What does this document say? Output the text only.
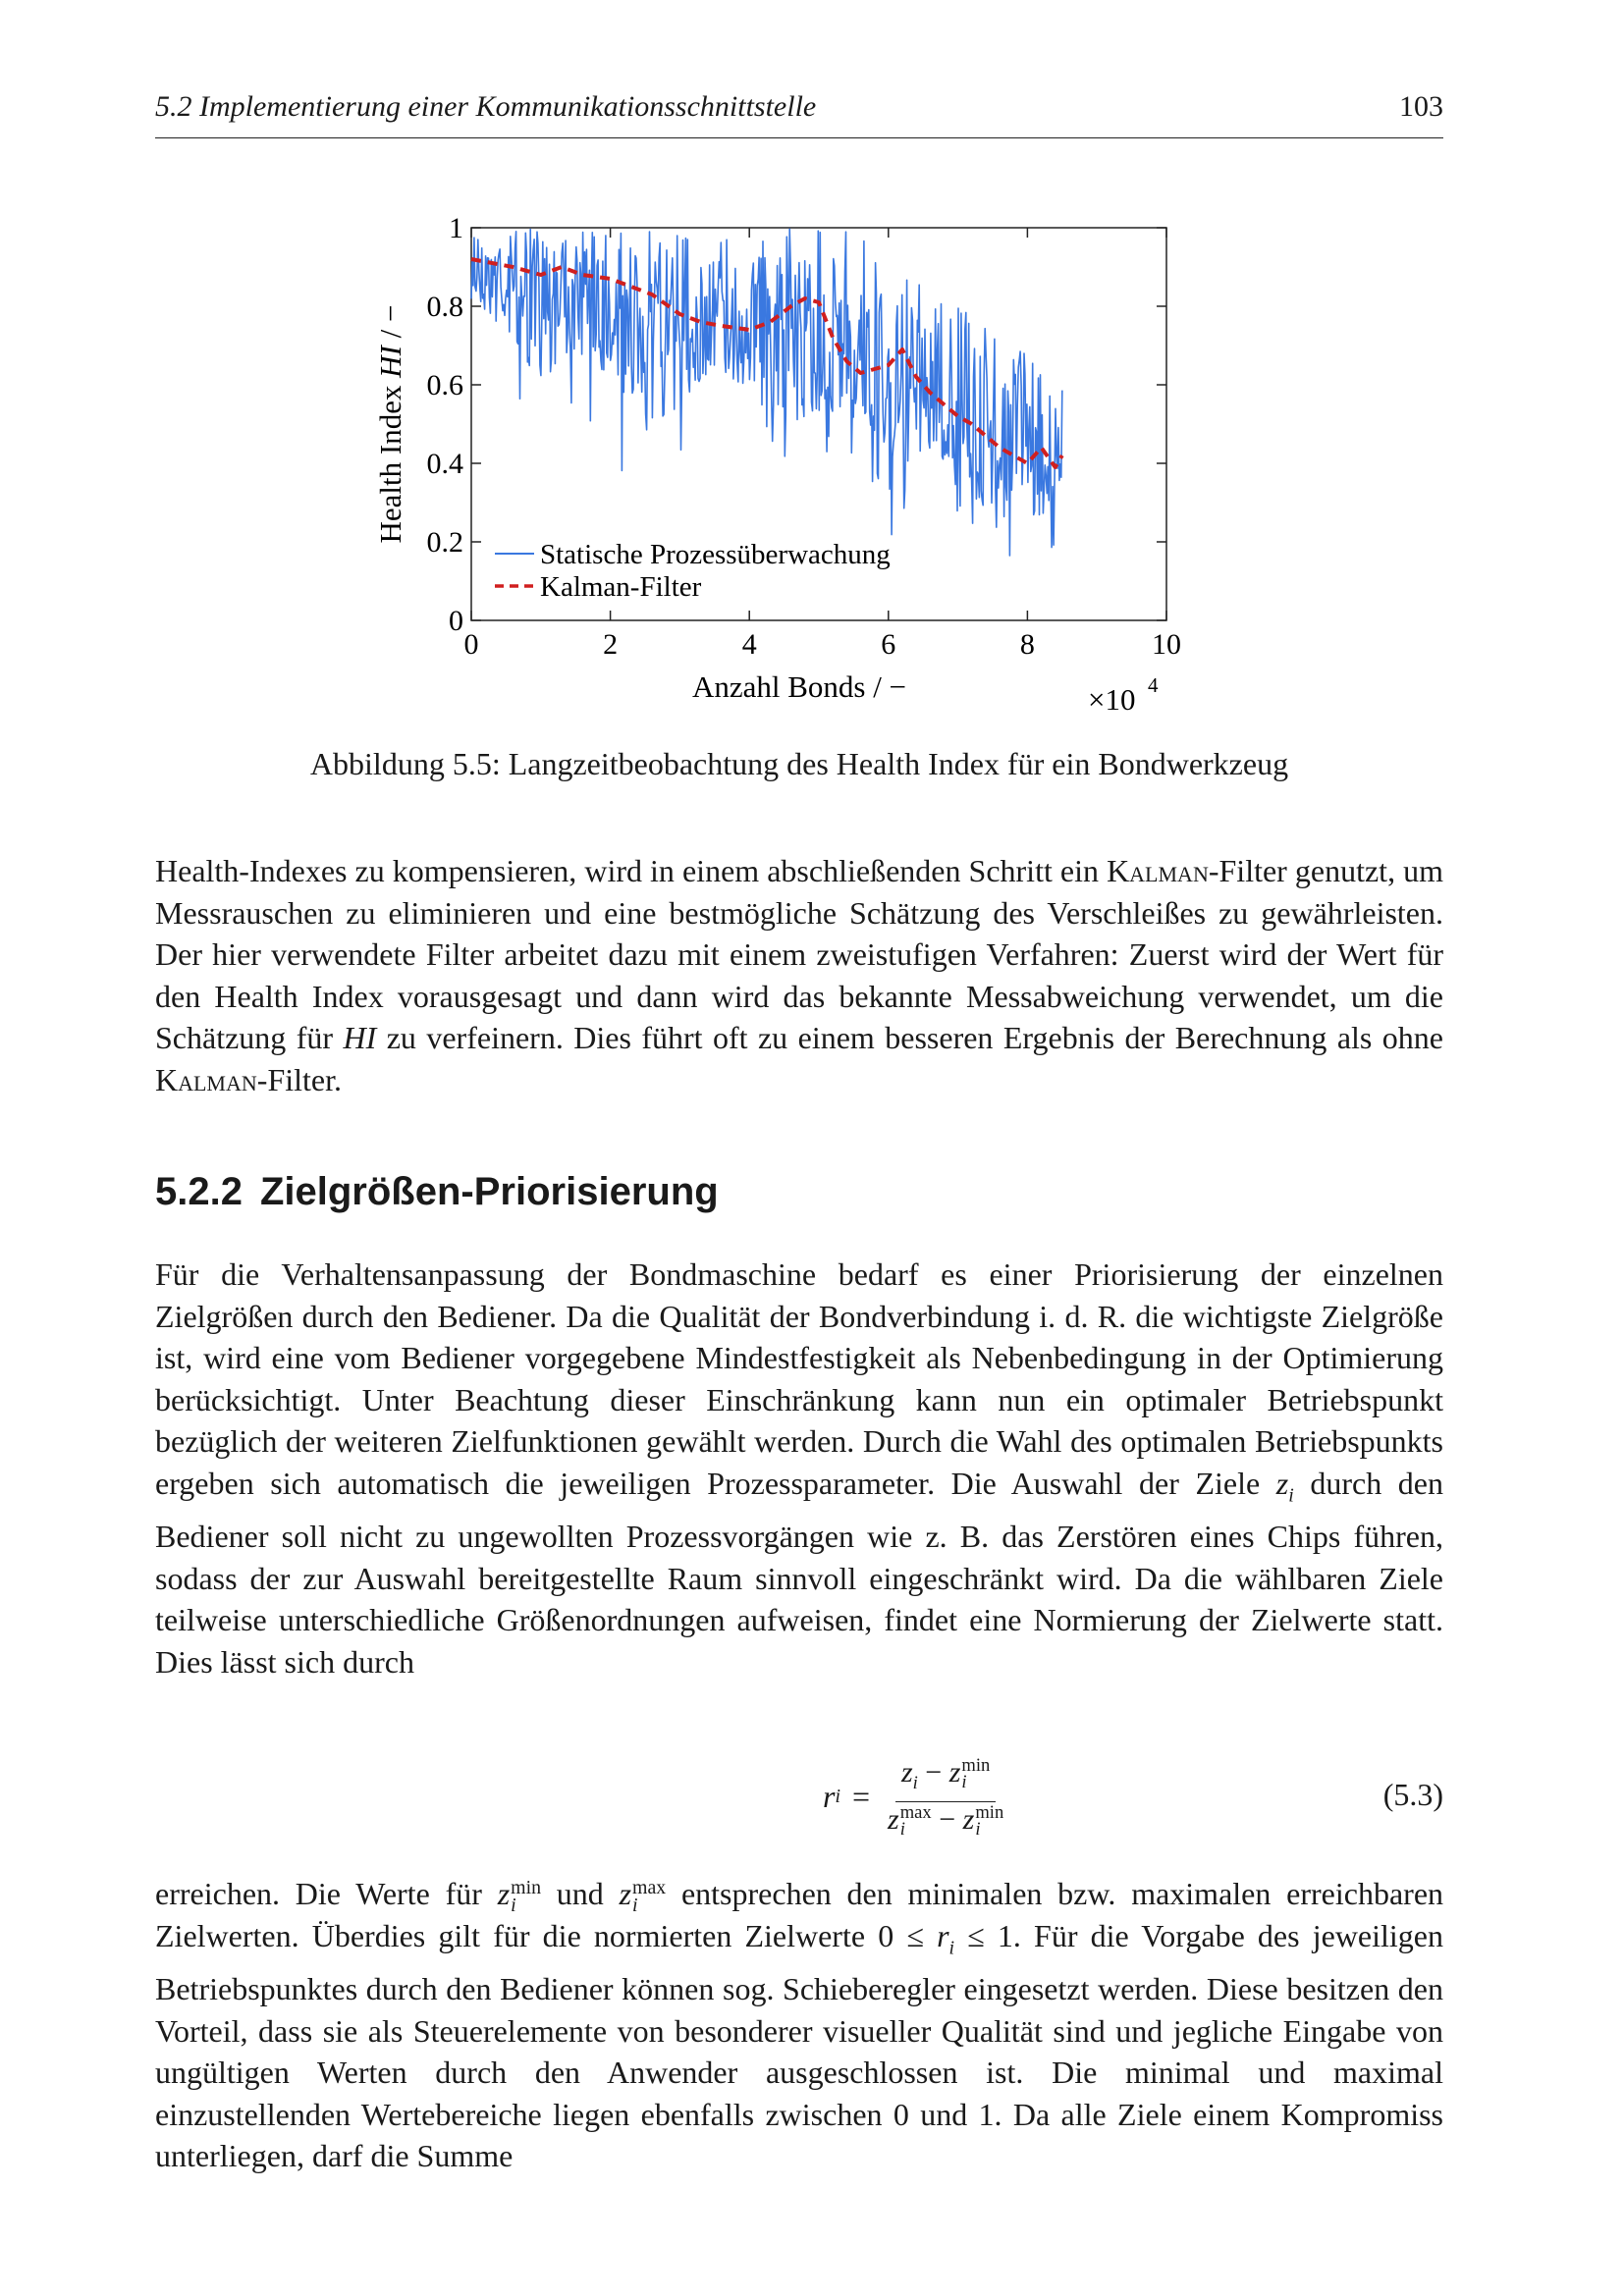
5.2 Implementierung einer Kommunikationsschnittstelle	103
0	2	4	6	8	10
0
0.2
0.4
0.6
0.8
1
Statische Prozessüberwachung
Kalman-Filter
Anzahl Bonds / −	×10 4
Health Index HI / −
Abbildung 5.5: Langzeitbeobachtung des Health Index für ein Bondwerkzeug

Health-Indexes zu kompensieren, wird in einem abschließenden Schritt ein Kalman-Filter genutzt, um Messrauschen zu eliminieren und eine bestmögliche Schätzung des Verschleißes zu gewährleisten. Der hier verwendete Filter arbeitet dazu mit einem zweistufigen Verfahren: Zuerst wird der Wert für den Health Index vorausgesagt und dann wird das bekannte Messabweichung verwendet, um die Schätzung für HI zu verfeinern. Dies führt oft zu einem besseren Ergebnis der Berechnung als ohne Kalman-Filter.

5.2.2 Zielgrößen-Priorisierung

Für die Verhaltensanpassung der Bondmaschine bedarf es einer Priorisierung der einzelnen Zielgrößen durch den Bediener. Da die Qualität der Bondverbindung i. d. R. die wichtigste Zielgröße ist, wird eine vom Bediener vorgegebene Mindestfestigkeit als Nebenbedingung in der Optimierung berücksichtigt. Unter Beachtung dieser Einschränkung kann nun ein optimaler Betriebspunkt bezüglich der weiteren Zielfunktionen gewählt werden. Durch die Wahl des optimalen Betriebspunkts ergeben sich automatisch die jeweiligen Prozessparameter. Die Auswahl der Ziele $z_i$ durch den Bediener soll nicht zu ungewollten Prozessvorgängen wie z. B. das Zerstören eines Chips führen, sodass der zur Auswahl bereitgestellte Raum sinnvoll eingeschränkt wird. Da die wählbaren Ziele teilweise unterschiedliche Größenordnungen aufweisen, findet eine Normierung der Zielwerte statt. Dies lässt sich durch

r $i = z_i - z$ min
i
z max
i	− z min
i	(5.3)

erreichen. Die Werte für z min
i und z max
i entsprechen den minimalen bzw. maximalen erreichbaren Zielwerten. Überdies gilt für die normierten Zielwerte $0 \le r_i \le 1$. Für die Vorgabe des jeweiligen Betriebspunktes durch den Bediener können sog. Schieberegler eingesetzt werden. Diese besitzen den Vorteil, dass sie als Steuerelemente von besonderer visueller Qualität sind und jegliche Eingabe von ungültigen Werten durch den Anwender ausgeschlossen ist. Die minimal und maximal einzustellenden Wertebereiche liegen ebenfalls zwischen 0 und 1. Da alle Ziele einem Kompromiss unterliegen, darf die Summe
